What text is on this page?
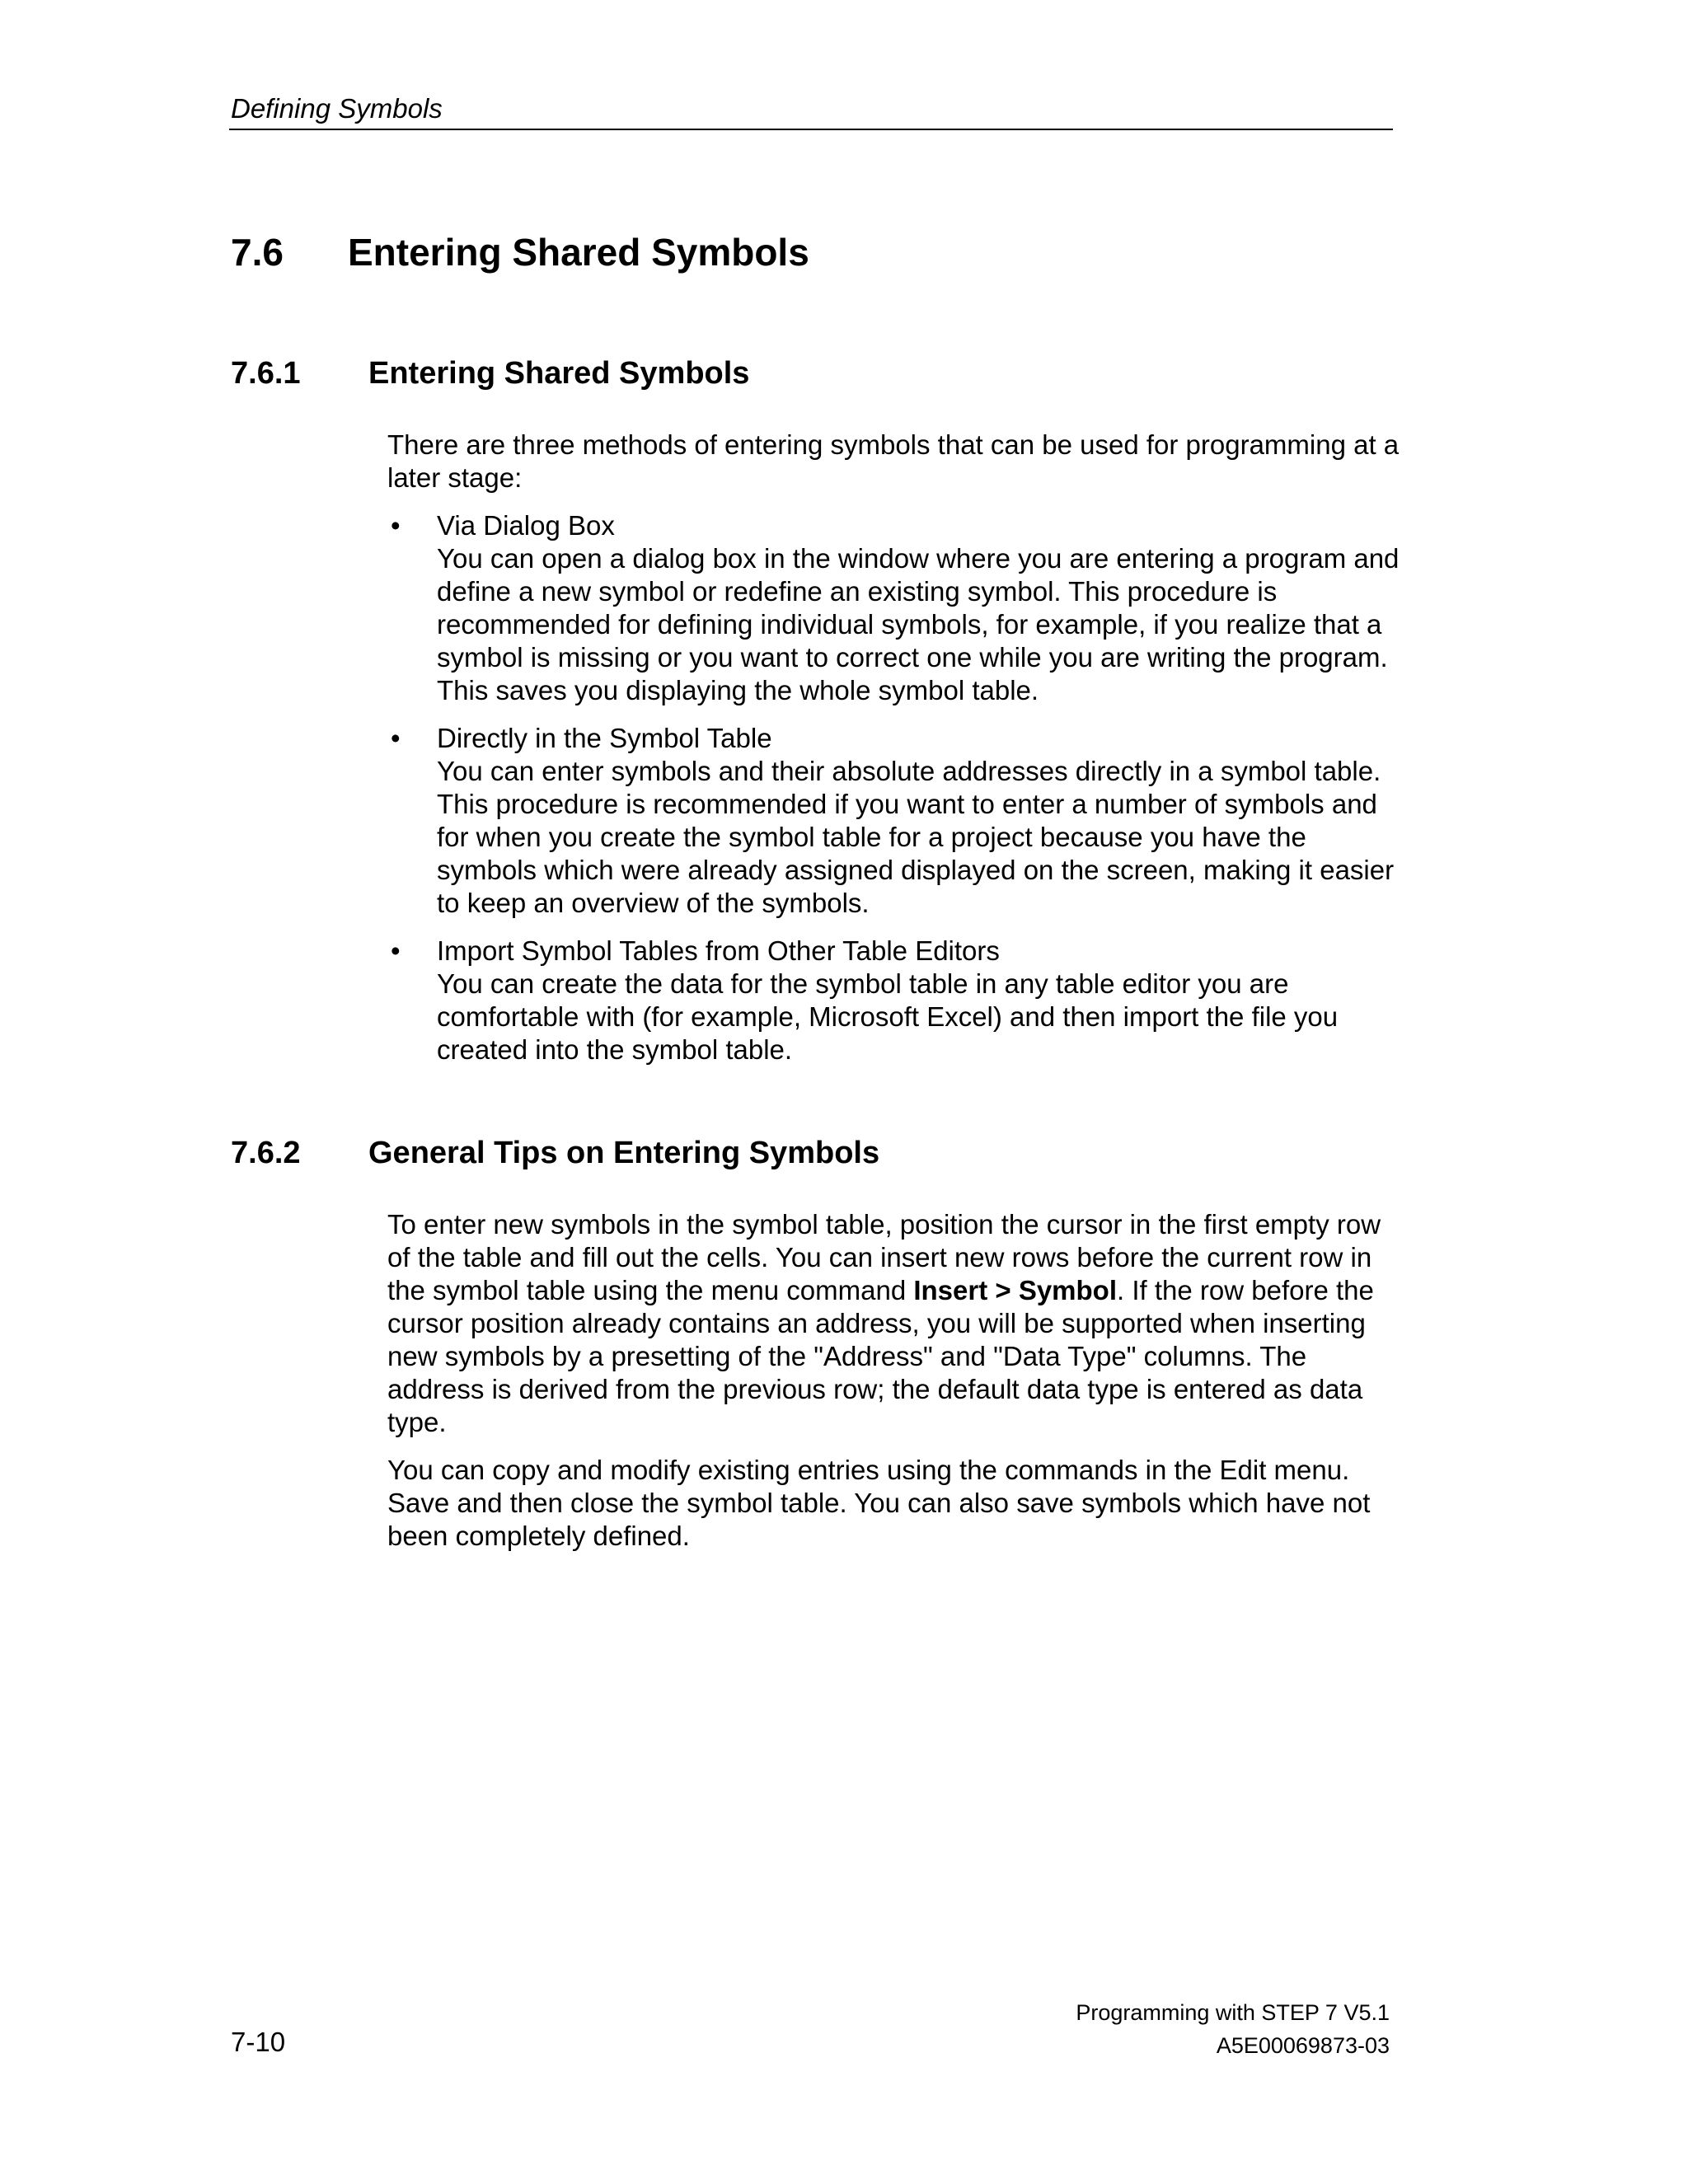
Defining Symbols
7.6 Entering Shared Symbols
7.6.1 Entering Shared Symbols

There are three methods of entering symbols that can be used for programming at a later stage:

•	Via Dialog Box
You can open a dialog box in the window where you are entering a program and define a new symbol or redefine an existing symbol. This procedure is recommended for defining individual symbols, for example, if you realize that a symbol is missing or you want to correct one while you are writing the program. This saves you displaying the whole symbol table.
•	Directly in the Symbol Table
You can enter symbols and their absolute addresses directly in a symbol table. This procedure is recommended if you want to enter a number of symbols and for when you create the symbol table for a project because you have the symbols which were already assigned displayed on the screen, making it easier to keep an overview of the symbols.
•	Import Symbol Tables from Other Table Editors
You can create the data for the symbol table in any table editor you are comfortable with (for example, Microsoft Excel) and then import the file you created into the symbol table.
7.6.2 General Tips on Entering Symbols

To enter new symbols in the symbol table, position the cursor in the first empty row of the table and fill out the cells. You can insert new rows before the current row in the symbol table using the menu command Insert > Symbol. If the row before the cursor position already contains an address, you will be supported when inserting new symbols by a presetting of the "Address" and "Data Type" columns. The address is derived from the previous row; the default data type is entered as data type.

You can copy and modify existing entries using the commands in the Edit menu. Save and then close the symbol table. You can also save symbols which have not been completely defined.

Programming with STEP 7 V5.1
A5E00069873-03
7-10
